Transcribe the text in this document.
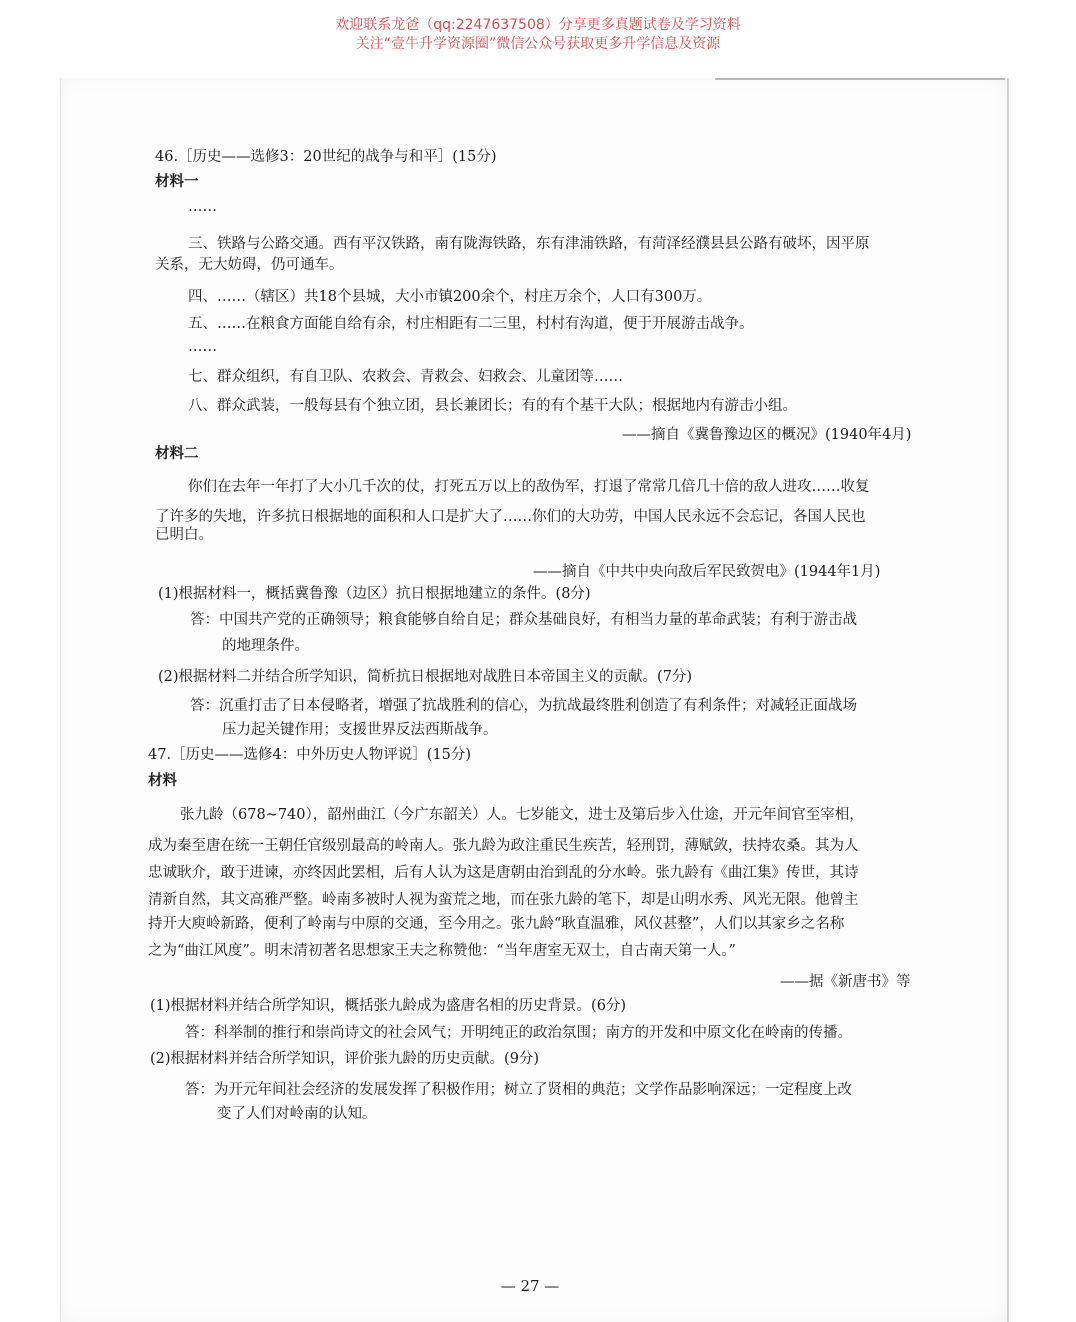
欢迎联系龙爸（qq:2247637508）分享更多真题试卷及学习资料
关注“壹牛升学资源圈”微信公众号获取更多升学信息及资源
46.［历史——选修3：20世纪的战争与和平］(15分)
材料一
……
三、铁路与公路交通。西有平汉铁路，南有陇海铁路，东有津浦铁路，有菏泽经濮县县公路有破坏，因平原
关系，无大妨碍，仍可通车。
四、……（辖区）共18个县城，大小市镇200余个，村庄万余个，人口有300万。
五、……在粮食方面能自给有余，村庄相距有二三里，村村有沟道，便于开展游击战争。
……
七、群众组织，有自卫队、农救会、青救会、妇救会、儿童团等……
八、群众武装，一般每县有个独立团，县长兼团长；有的有个基干大队；根据地内有游击小组。
——摘自《冀鲁豫边区的概况》(1940年4月)
材料二
你们在去年一年打了大小几千次的仗，打死五万以上的敌伪军，打退了常常几倍几十倍的敌人进攻……收复
了许多的失地，许多抗日根据地的面积和人口是扩大了……你们的大功劳，中国人民永远不会忘记，各国人民也
已明白。
——摘自《中共中央向敌后军民致贺电》(1944年1月)
(1)根据材料一，概括冀鲁豫（边区）抗日根据地建立的条件。(8分)
答：中国共产党的正确领导；粮食能够自给自足；群众基础良好，有相当力量的革命武装；有利于游击战
的地理条件。
(2)根据材料二并结合所学知识，简析抗日根据地对战胜日本帝国主义的贡献。(7分)
答：沉重打击了日本侵略者，增强了抗战胜利的信心，为抗战最终胜利创造了有利条件；对减轻正面战场
压力起关键作用；支援世界反法西斯战争。
47.［历史——选修4：中外历史人物评说］(15分)
材料
张九龄（678~740），韶州曲江（今广东韶关）人。七岁能文，进士及第后步入仕途，开元年间官至宰相，
成为秦至唐在统一王朝任官级别最高的岭南人。张九龄为政注重民生疾苦，轻刑罚，薄赋敛，扶持农桑。其为人
忠诚耿介，敢于进谏，亦终因此罢相，后有人认为这是唐朝由治到乱的分水岭。张九龄有《曲江集》传世，其诗
清新自然，其文高雅严整。岭南多被时人视为蛮荒之地，而在张九龄的笔下，却是山明水秀、风光无限。他曾主
持开大庾岭新路，便利了岭南与中原的交通，至今用之。张九龄“耿直温雅，风仪甚整”，人们以其家乡之名称
之为“曲江风度”。明末清初著名思想家王夫之称赞他：“当年唐室无双士，自古南天第一人。”
——据《新唐书》等
(1)根据材料并结合所学知识，概括张九龄成为盛唐名相的历史背景。(6分)
答：科举制的推行和崇尚诗文的社会风气；开明纯正的政治氛围；南方的开发和中原文化在岭南的传播。
(2)根据材料并结合所学知识，评价张九龄的历史贡献。(9分)
答：为开元年间社会经济的发展发挥了积极作用；树立了贤相的典范；文学作品影响深远；一定程度上改
变了人们对岭南的认知。
— 27 —
